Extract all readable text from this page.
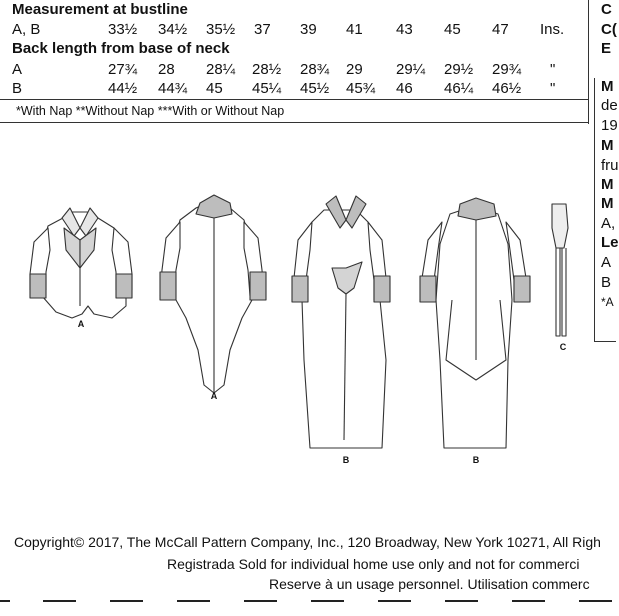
Measurement at bustline
A, B	33½ 34½ 35½ 37 39 41 43 45 47 Ins.
Back length from base of neck
A	27¾ 28 28¼ 28½ 28¾ 29 29¼ 29½ 29¾ "
B	44½ 44¾ 45 45¼ 45½ 45¾ 46 46¼ 46½ "
*With Nap **Without Nap ***With or Without Nap
C
C(
E
M
de
19
M
fru
M
M
A,
Le
A
B
*A
A
A
B	B
C
Copyright© 2017, The McCall Pattern Company, Inc., 120 Broadway, New York 10271, All Righ
Registrada Sold for individual home use only and not for commerci
Reserve à un usage personnel. Utilisation commerc
